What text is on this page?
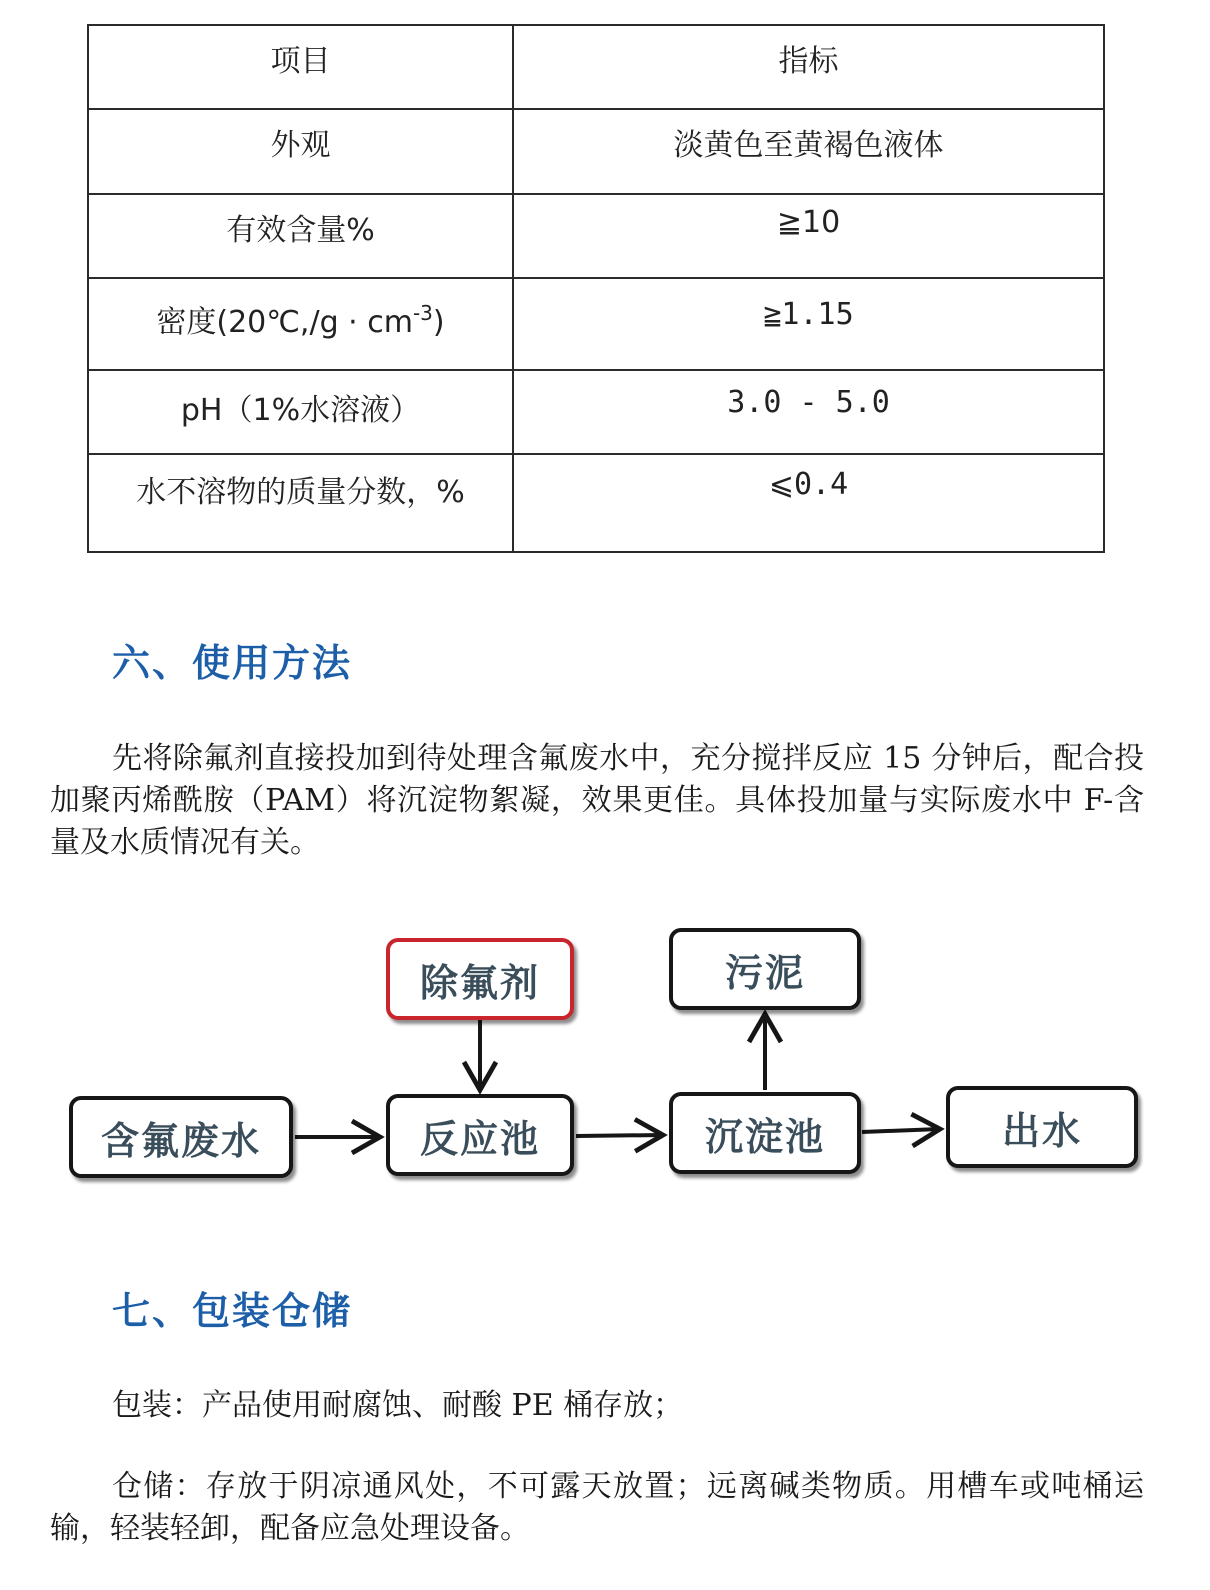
项目	指标
外观	淡黄色至黄褐色液体
有效含量%	≧10
密度(20℃,/g · $cm^{-3}$)	≧1.15
pH（1%水溶液）	3.0 - 5.0
水不溶物的质量分数，%	⩽0.4
六、使用方法

先将除氟剂直接投加到待处理含氟废水中，充分搅拌反应 15 分钟后，配合投加聚丙烯酰胺（PAM）将沉淀物絮凝，效果更佳。具体投加量与实际废水中 F-含量及水质情况有关。

除氟剂	污泥
含氟废水	反应池	沉淀池	出水
七、包装仓储

包装：产品使用耐腐蚀、耐酸 PE 桶存放；

仓储：存放于阴凉通风处，不可露天放置；远离碱类物质。用槽车或吨桶运输，轻装轻卸，配备应急处理设备。
